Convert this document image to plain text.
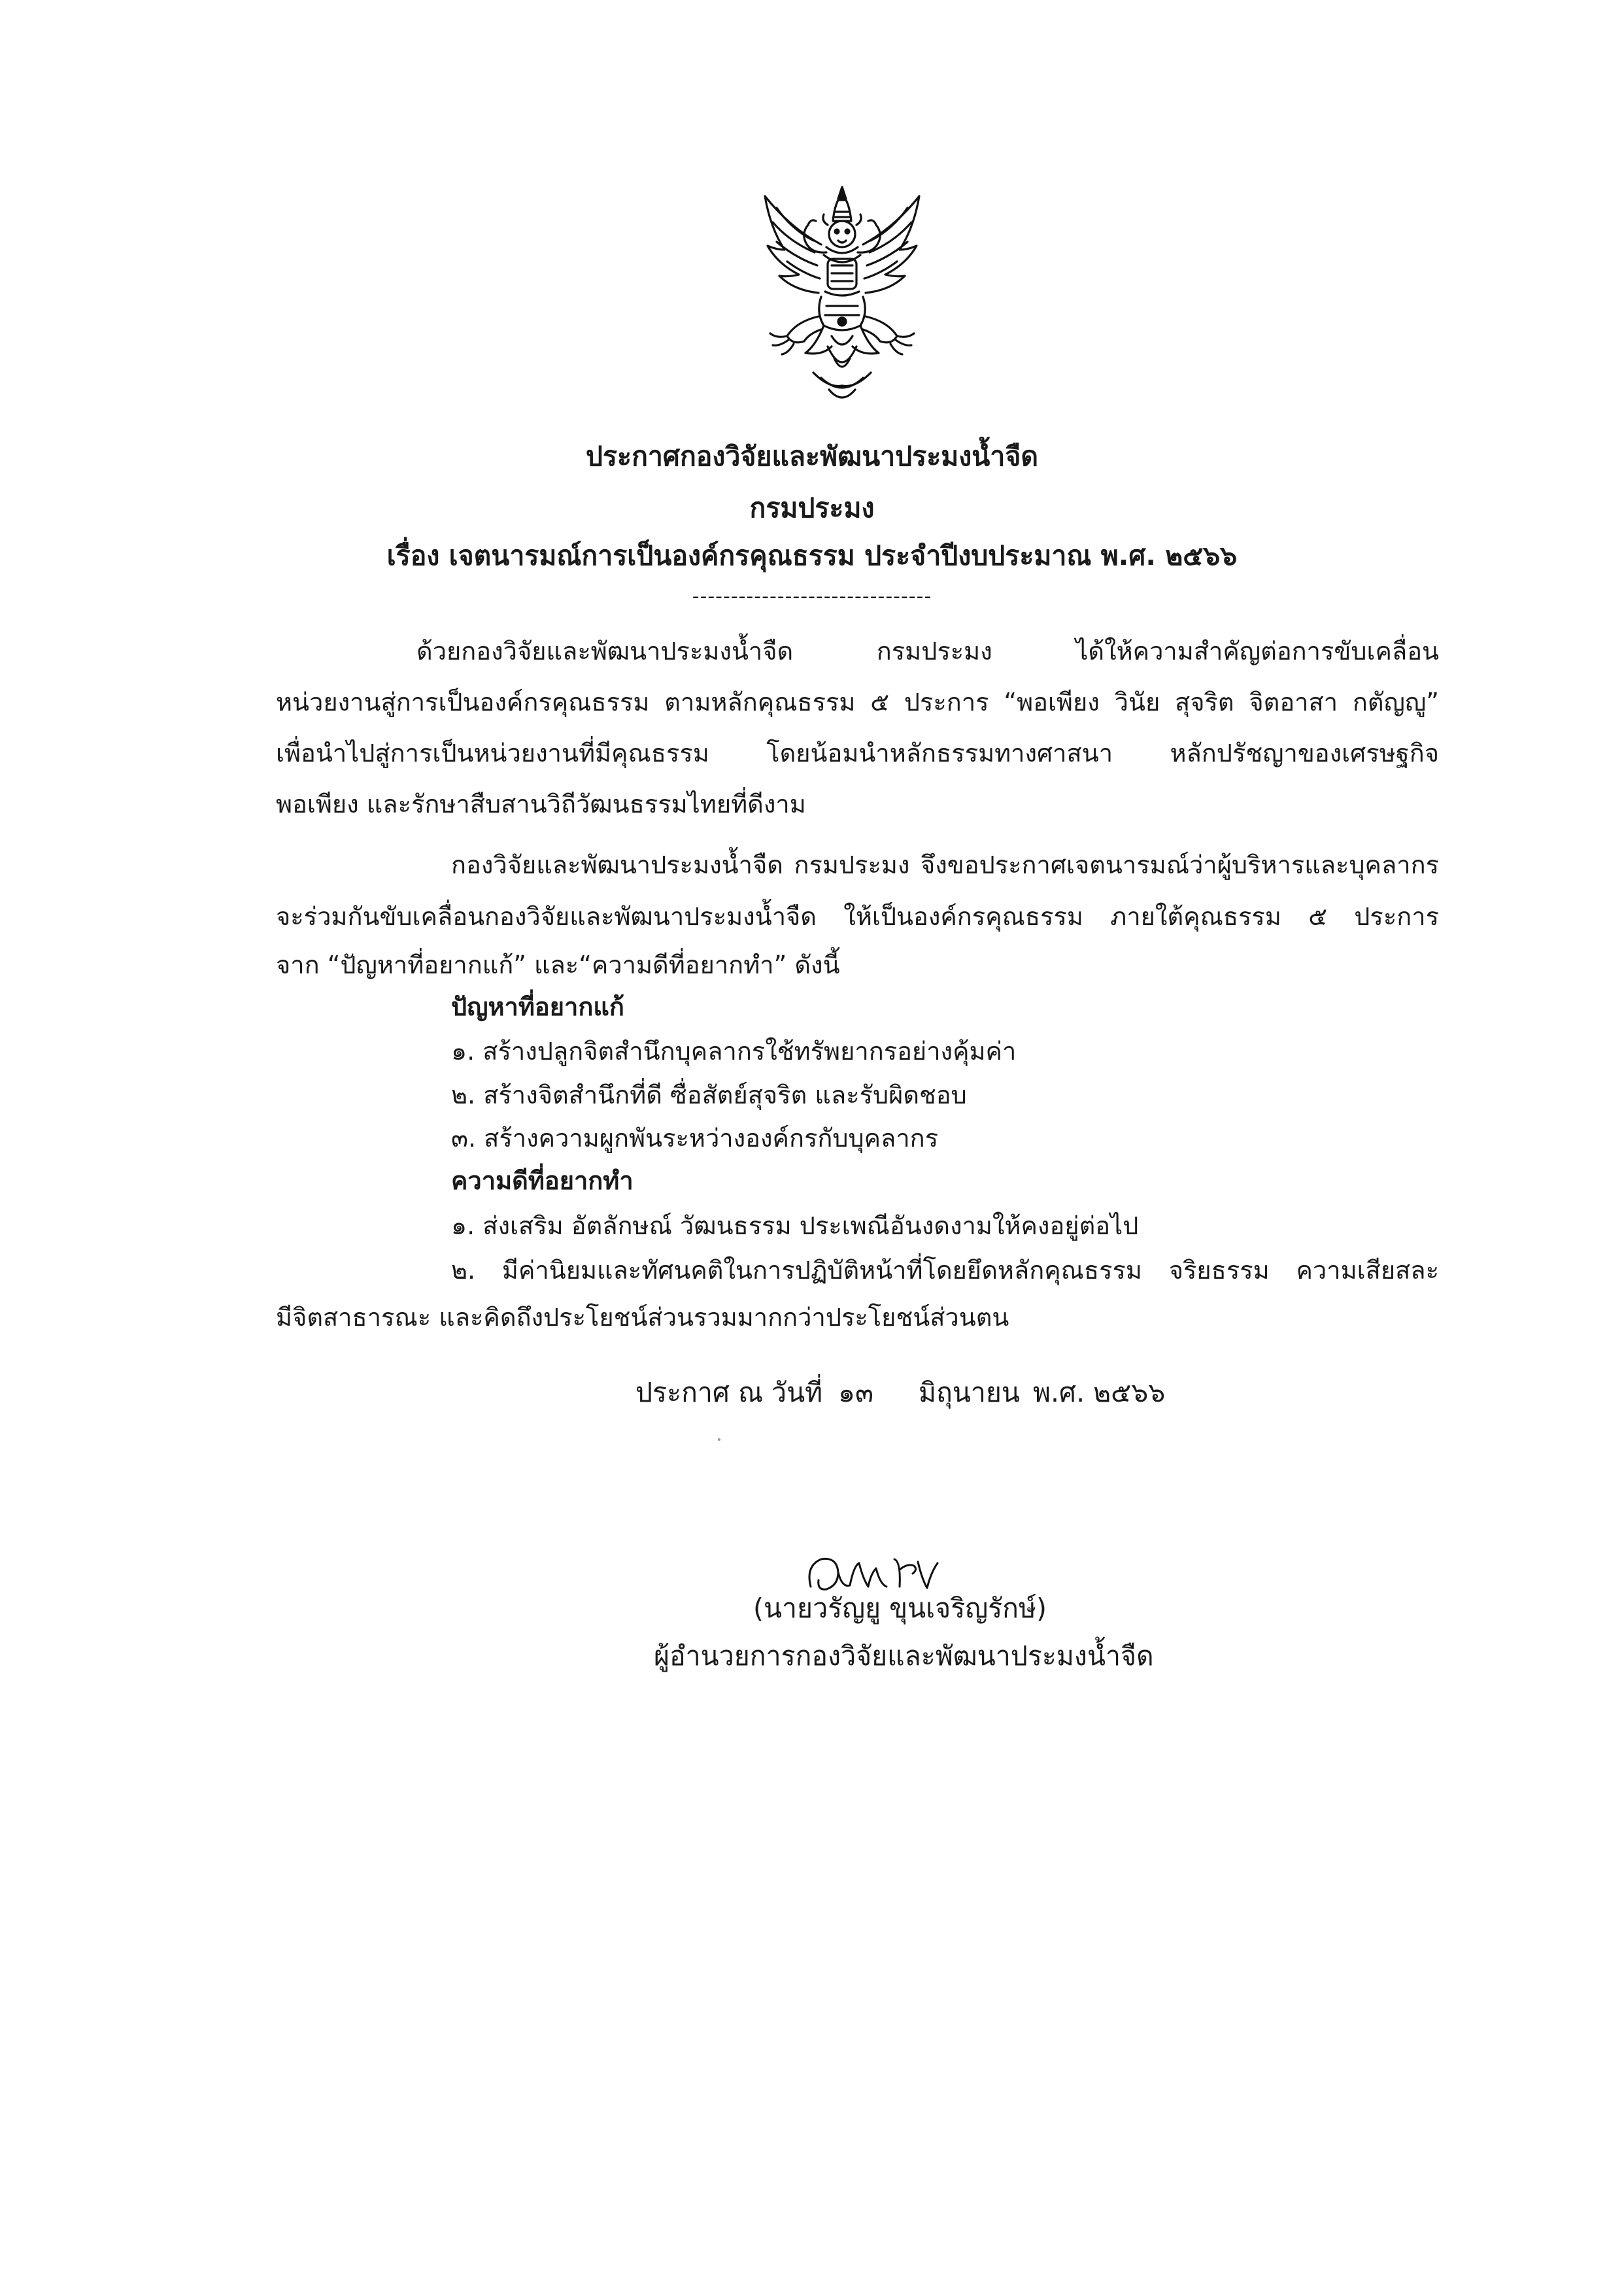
ประกาศกองวิจัยและพัฒนาประมงน้ำจืด
กรมประมง
เรื่อง เจตนารมณ์การเป็นองค์กรคุณธรรม ประจำปีงบประมาณ พ.ศ. ๒๕๖๖
-------------------------------
ด้วยกองวิจัยและพัฒนาประมงน้ำจืด กรมประมง ได้ให้ความสำคัญต่อการขับเคลื่อน
หน่วยงานสู่การเป็นองค์กรคุณธรรม ตามหลักคุณธรรม ๕ ประการ “พอเพียง วินัย สุจริต จิตอาสา กตัญญู”
เพื่อนำไปสู่การเป็นหน่วยงานที่มีคุณธรรม โดยน้อมนำหลักธรรมทางศาสนา หลักปรัชญาของเศรษฐกิจ
พอเพียง และรักษาสืบสานวิถีวัฒนธรรมไทยที่ดีงาม
กองวิจัยและพัฒนาประมงน้ำจืด กรมประมง จึงขอประกาศเจตนารมณ์ว่าผู้บริหารและบุคลากร
จะร่วมกันขับเคลื่อนกองวิจัยและพัฒนาประมงน้ำจืด ให้เป็นองค์กรคุณธรรม ภายใต้คุณธรรม ๕ ประการ
จาก “ปัญหาที่อยากแก้” และ“ความดีที่อยากทำ” ดังนี้
ปัญหาที่อยากแก้
๑. สร้างปลูกจิตสำนึกบุคลากรใช้ทรัพยากรอย่างคุ้มค่า
๒. สร้างจิตสำนึกที่ดี ซื่อสัตย์สุจริต และรับผิดชอบ
๓. สร้างความผูกพันระหว่างองค์กรกับบุคลากร
ความดีที่อยากทำ
๑. ส่งเสริม อัตลักษณ์ วัฒนธรรม ประเพณีอันงดงามให้คงอยู่ต่อไป
๒. มีค่านิยมและทัศนคติในการปฏิบัติหน้าที่โดยยึดหลักคุณธรรม จริยธรรม ความเสียสละ
มีจิตสาธารณะ และคิดถึงประโยชน์ส่วนรวมมากกว่าประโยชน์ส่วนตน
ประกาศ ณ วันที่ ๑๓ มิถุนายน พ.ศ. ๒๕๖๖
(นายวรัญยู ขุนเจริญรักษ์)
ผู้อำนวยการกองวิจัยและพัฒนาประมงน้ำจืด
